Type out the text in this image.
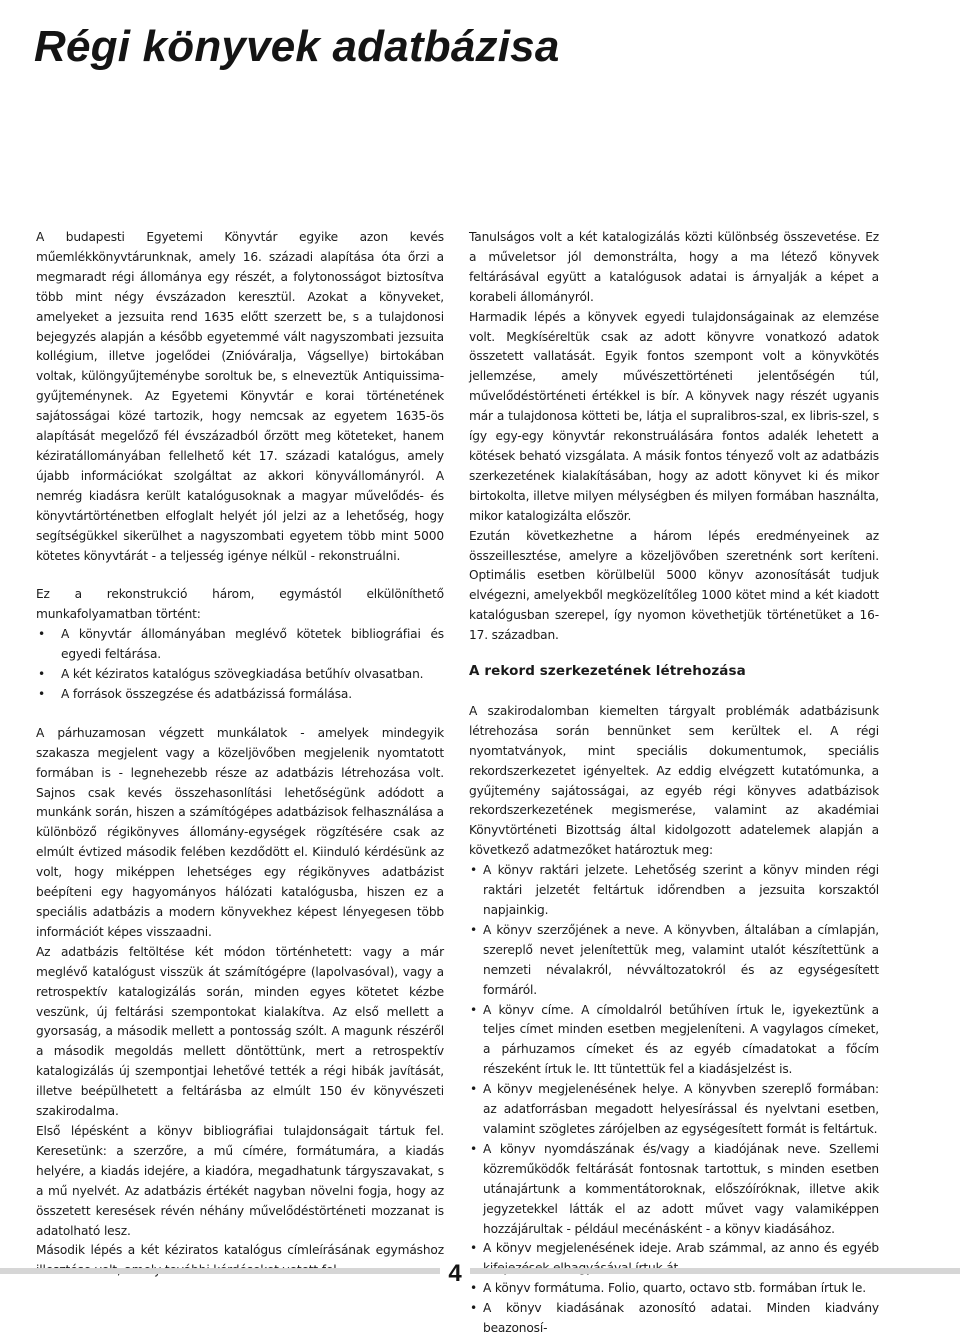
Régi könyvek adatbázisa

A budapesti Egyetemi Könyvtár egyike azon kevés műemlékkönyvtárunknak, amely 16. századi alapítása óta őrzi a megmaradt régi állománya egy részét, a folytonosságot biztosítva több mint négy évszázadon keresztül. Azokat a könyveket, amelyeket a jezsuita rend 1635 előtt szerzett be, s a tulajdonosi bejegyzés alapján a később egyetemmé vált nagyszombati jezsuita kollégium, illetve jogelődei (Znióváralja, Vágsellye) birtokában voltak, különgyűjteménybe soroltuk be, s elneveztük Antiquissima-gyűjteménynek. Az Egyetemi Könyvtár e korai történetének sajátosságai közé tartozik, hogy nemcsak az egyetem 1635-ös alapítását megelőző fél évszázadból őrzött meg köteteket, hanem kéziratállományában fellelhető két 17. századi katalógus, amely újabb információkat szolgáltat az akkori könyvállományról. A nemrég kiadásra került katalógusoknak a magyar művelődés- és könyvtártörténetben elfoglalt helyét jól jelzi az a lehetőség, hogy segítségükkel sikerülhet a nagyszombati egyetem több mint 5000 kötetes könyvtárát - a teljesség igénye nélkül - rekonstruálni.

Ez a rekonstrukció három, egymástól elkülöníthető munkafolyamatban történt:

• A könyvtár állományában meglévő kötetek bibliográfiai és egyedi feltárása.
• A két kéziratos katalógus szövegkiadása betűhív olvasatban.
• A források összegzése és adatbázissá formálása.

A párhuzamosan végzett munkálatok - amelyek mindegyik szakasza megjelent vagy a közeljövőben megjelenik nyomtatott formában is - legnehezebb része az adatbázis létrehozása volt. Sajnos csak kevés összehasonlítási lehetőségünk adódott a munkánk során, hiszen a számítógépes adatbázisok felhasználása a különböző régikönyves állomány-egységek rögzítésére csak az elmúlt évtized második felében kezdődött el. Kiinduló kérdésünk az volt, hogy miképpen lehetséges egy régikönyves adatbázist beépíteni egy hagyományos hálózati katalógusba, hiszen ez a speciális adatbázis a modern könyvekhez képest lényegesen több információt képes visszaadni.

Az adatbázis feltöltése két módon történhetett: vagy a már meglévő katalógust visszük át számítógépre (lapolvasóval), vagy a retrospektív katalogizálás során, minden egyes kötetet kézbe veszünk, új feltárási szempontokat kialakítva. Az első mellett a gyorsaság, a második mellett a pontosság szólt. A magunk részéről a második megoldás mellett döntöttünk, mert a retrospektív katalogizálás új szempontjai lehetővé tették a régi hibák javítását, illetve beépülhetett a feltárásba az elmúlt 150 év könyvészeti szakirodalma.

Első lépésként a könyv bibliográfiai tulajdonságait tártuk fel. Keresetünk: a szerzőre, a mű címére, formátumára, a kiadás helyére, a kiadás idejére, a kiadóra, megadhatunk tárgyszavakat, s a mű nyelvét. Az adatbázis értékét nagyban növelni fogja, hogy az összetett keresések révén néhány művelődéstörténeti mozzanat is adatolható lesz.

Második lépés a két kéziratos katalógus címleírásának egymáshoz

Tanulságos volt a két katalogizálás közti különbség összevetése. Ez a műveletsor jól demonstrálta, hogy a ma létező könyvek feltárásával együtt a katalógusok adatai is árnyalják a képet a korabeli állományról.

Harmadik lépés a könyvek egyedi tulajdonságainak az elemzése volt. Megkíséreltük csak az adott könyvre vonatkozó adatok összetett vallatását. Egyik fontos szempont volt a könyvkötés jellemzése, amely művészettörténeti jelentőségén túl, művelődéstörténeti értékkel is bír. A könyvek nagy részét ugyanis már a tulajdonosa kötteti be, látja el supralibros-szal, ex libris-szel, s így egy-egy könyvtár rekonstruálására fontos adalék lehetett a kötések beható vizsgálata. A másik fontos tényező volt az adatbázis szerkezetének kialakításában, hogy az adott könyvet ki és mikor birtokolta, illetve milyen mélységben és milyen formában használta, mikor katalogizálta először.

Ezután következhetne a három lépés eredményeinek az összeillesztése, amelyre a közeljövőben szeretnénk sort keríteni. Optimális esetben körülbelül 5000 könyv azonosítását tudjuk elvégezni, amelyekből megközelítőleg 1000 kötet mind a két kiadott katalógusban szerepel, így nyomon követhetjük történetüket a 16-17. században.

A rekord szerkezetének létrehozása

A szakirodalomban kiemelten tárgyalt problémák adatbázisunk létrehozása során bennünket sem kerültek el. A régi nyomtatványok, mint speciális dokumentumok, speciális rekordszerkezetet igényeltek. Az eddig elvégzett kutatómunka, a gyűjtemény sajátosságai, az egyéb régi könyves adatbázisok rekordszerkezetének megismerése, valamint az akadémiai Könyvtörténeti Bizottság által kidolgozott adatelemek alapján a következő adatmezőket határoztuk meg:

• A könyv raktári jelzete. Lehetőség szerint a könyv minden régi raktári jelzetét feltártuk időrendben a jezsuita korszaktól napjainkig.
• A könyv szerzőjének a neve. A könyvben, általában a címlapján, szereplő nevet jelenítettük meg, valamint utalót készítettünk a nemzeti névalakról, névváltozatokról és az egységesített formáról.
• A könyv címe. A címoldalról betűhíven írtuk le, igyekeztünk a teljes címet minden esetben megjeleníteni. A vagylagos címeket, a párhuzamos címeket és az egyéb címadatokat a főcím részeként írtuk le. Itt tüntettük fel a kiadásjelzést is.
• A könyv megjelenésének helye. A könyvben szereplő formában: az adatforrásban megadott helyesírással és nyelvtani esetben, valamint szögletes zárójelben az egységesített formát is feltártuk.
• A könyv nyomdászának és/vagy a kiadójának neve. Szellemi közreműködők feltárását fontosnak tartottuk, s minden esetben utánajártunk a kommentátoroknak, előszóíróknak, illetve akik jegyzetekkel látták el az adott művet vagy valamiképpen hozzájárultak - például mecénásként - a könyv kiadásához.
• A könyv megjelenésének ideje. Arab számmal, az anno és egyéb
• A könyv formátuma. Folio, quarto, octavo stb. formában írtuk le.
• A könyv kiadásának azonosító adatai. Minden kiadvány beazonosí-
4
